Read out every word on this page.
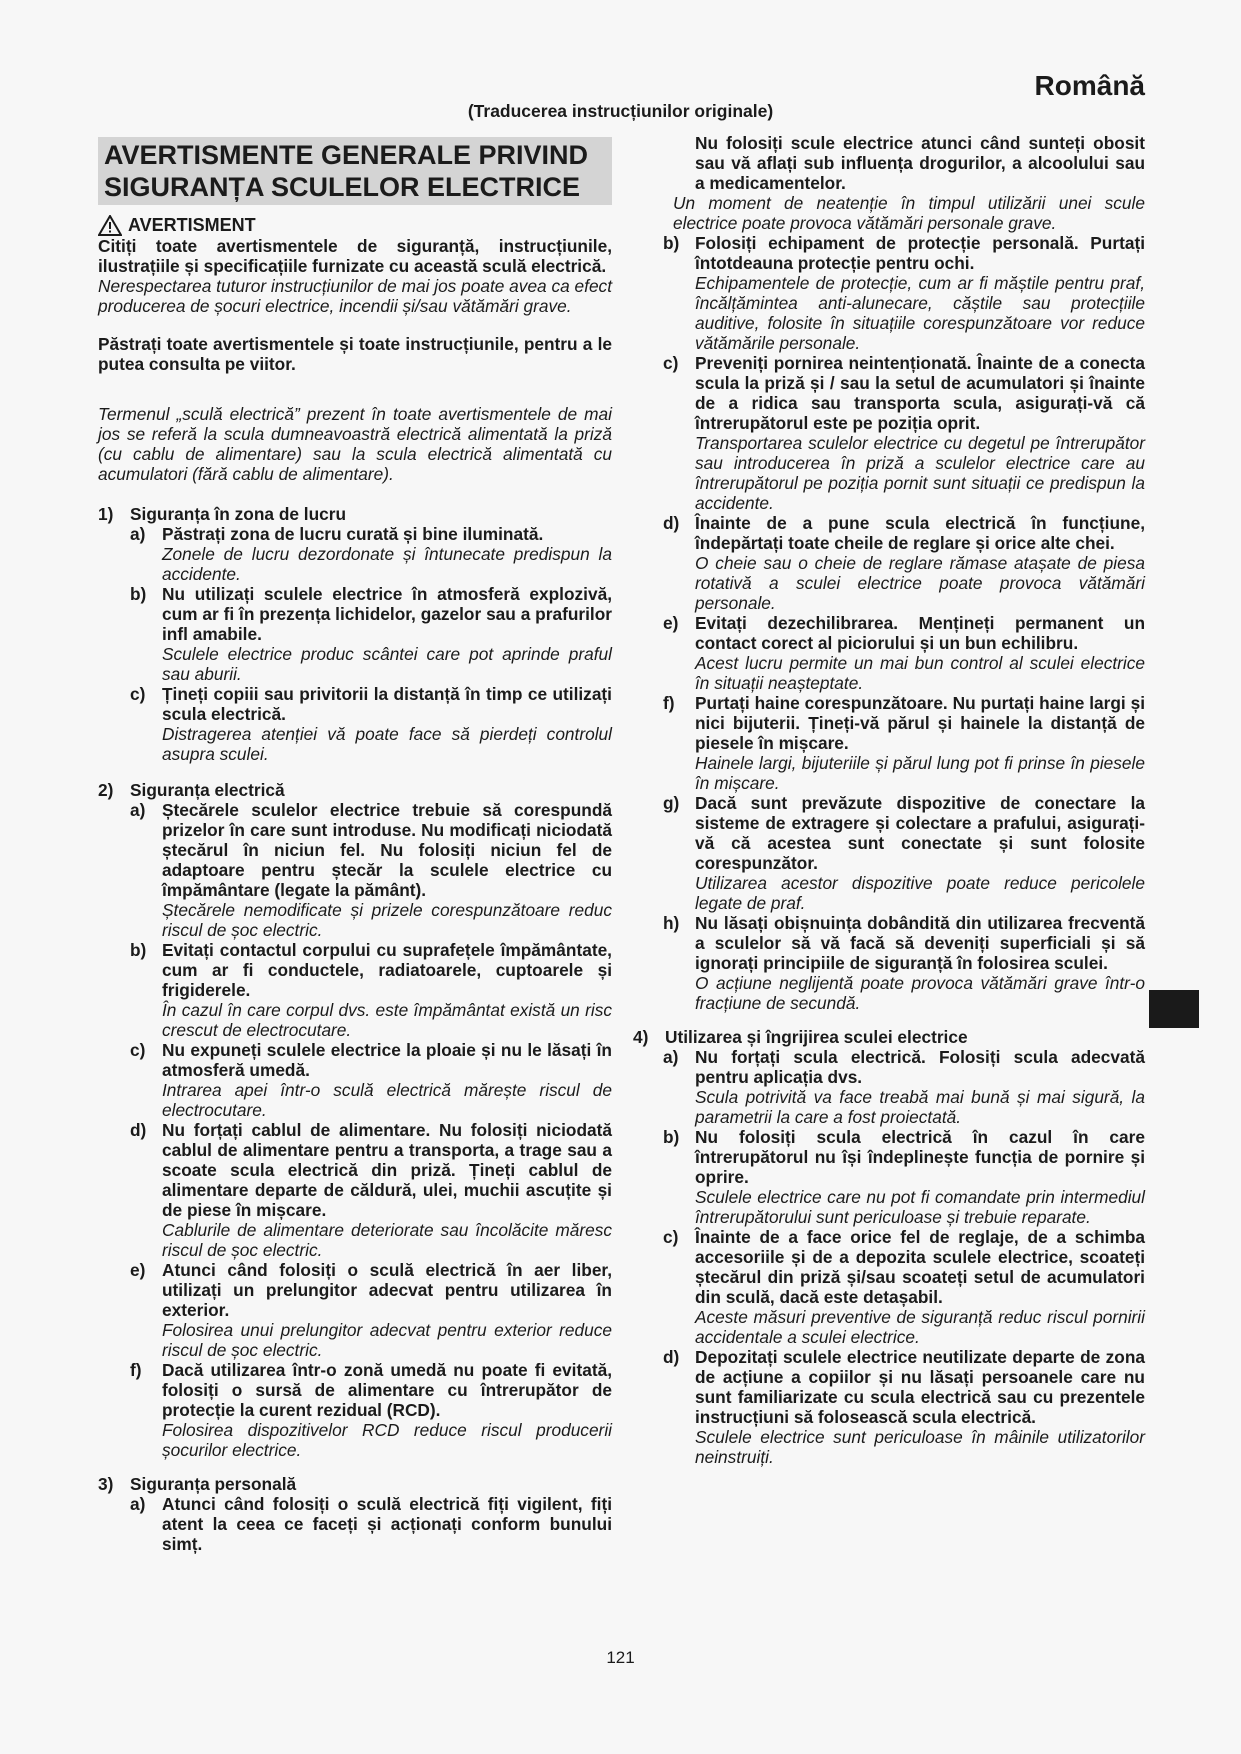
Română

(Traducerea instrucțiunilor originale)

AVERTISMENTE GENERALE PRIVIND
SIGURANȚA SCULELOR ELECTRICE
AVERTISMENT

Citiți toate avertismentele de siguranță, instrucțiunile, ilustrațiile și specificațiile furnizate cu această sculă electrică.

Nerespectarea tuturor instrucțiunilor de mai jos poate avea ca efect producerea de șocuri electrice, incendii și/sau vătămări grave.

Păstrați toate avertismentele și toate instrucțiunile, pentru a le putea consulta pe viitor.

Termenul „sculă electrică” prezent în toate avertismentele de mai jos se referă la scula dumneavoastră electrică alimentată la priză (cu cablu de alimentare) sau la scula electrică alimentată cu acumulatori (fără cablu de alimentare).

1) Siguranța în zona de lucru
a) Păstrați zona de lucru curată și bine iluminată.

Zonele de lucru dezordonate și întunecate predispun la accidente.

b) Nu utilizați sculele electrice în atmosferă explozivă, cum ar fi în prezența lichidelor, gazelor sau a prafurilor infl amabile.

Sculele electrice produc scântei care pot aprinde praful sau aburii.

c) Țineți copiii sau privitorii la distanță în timp ce utilizați scula electrică.

Distragerea atenției vă poate face să pierdeți controlul asupra sculei.

2) Siguranța electrică
a) Ștecărele sculelor electrice trebuie să corespundă prizelor în care sunt introduse. Nu modificați niciodată ștecărul în niciun fel. Nu folosiți niciun fel de adaptoare pentru ștecăr la sculele electrice cu împământare (legate la pământ).

Ștecărele nemodificate și prizele corespunzătoare reduc riscul de șoc electric.

b) Evitați contactul corpului cu suprafețele împământate, cum ar fi conductele, radiatoarele, cuptoarele și frigiderele.

În cazul în care corpul dvs. este împământat există un risc crescut de electrocutare.

c) Nu expuneți sculele electrice la ploaie și nu le lăsați în atmosferă umedă.

Intrarea apei într-o sculă electrică mărește riscul de electrocutare.

d) Nu forțați cablul de alimentare. Nu folosiți niciodată cablul de alimentare pentru a transporta, a trage sau a scoate scula electrică din priză. Țineți cablul de alimentare departe de căldură, ulei, muchii ascuțite și de piese în mișcare.

Cablurile de alimentare deteriorate sau încolăcite măresc riscul de șoc electric.

e) Atunci când folosiți o sculă electrică în aer liber, utilizați un prelungitor adecvat pentru utilizarea în exterior.

Folosirea unui prelungitor adecvat pentru exterior reduce riscul de șoc electric.

f)	Dacă utilizarea într-o zonă umedă nu poate fi evitată, folosiți o sursă de alimentare cu întrerupător de protecție la curent rezidual (RCD).

Folosirea dispozitivelor RCD reduce riscul producerii șocurilor electrice.

3) Siguranța personală
a) Atunci când folosiți o sculă electrică fiți vigilent, fiți atent la ceea ce faceți și acționați conform bunului simț.

Nu folosiți scule electrice atunci când sunteți obosit sau vă aflați sub influența drogurilor, a alcoolului sau a medicamentelor.

Un moment de neatenție în timpul utilizării unei scule electrice poate provoca vătămări personale grave.

b) Folosiți echipament de protecție personală. Purtați întotdeauna protecție pentru ochi.

Echipamentele de protecție, cum ar fi măștile pentru praf, încălțămintea anti-alunecare, căștile sau protecțiile auditive, folosite în situațiile corespunzătoare vor reduce vătămările personale.

c) Preveniți pornirea neintenționată. Înainte de a conecta scula la priză și / sau la setul de acumulatori și înainte de a ridica sau transporta scula, asigurați-vă că întrerupătorul este pe poziția oprit.

Transportarea sculelor electrice cu degetul pe întrerupător sau introducerea în priză a sculelor electrice care au întrerupătorul pe poziția pornit sunt situații ce predispun la accidente.

d) Înainte de a pune scula electrică în funcțiune, îndepărtați toate cheile de reglare și orice alte chei.

O cheie sau o cheie de reglare rămase atașate de piesa rotativă a sculei electrice poate provoca vătămări personale.

e) Evitați dezechilibrarea. Mențineți permanent un contact corect al piciorului și un bun echilibru.

Acest lucru permite un mai bun control al sculei electrice în situații neașteptate.

f)	Purtați haine corespunzătoare. Nu purtați haine largi și nici bijuterii. Țineți-vă părul și hainele la distanță de piesele în mișcare.

Hainele largi, bijuteriile și părul lung pot fi prinse în piesele în mișcare.

g) Dacă sunt prevăzute dispozitive de conectare la sisteme de extragere și colectare a prafului, asigurați-vă că acestea sunt conectate și sunt folosite corespunzător.

Utilizarea acestor dispozitive poate reduce pericolele legate de praf.

h) Nu lăsați obișnuința dobândită din utilizarea frecventă a sculelor să vă facă să deveniți superficiali și să ignorați principiile de siguranță în folosirea sculei.

O acțiune neglijentă poate provoca vătămări grave într-o fracțiune de secundă.

4) Utilizarea și îngrijirea sculei electrice
a) Nu forțați scula electrică. Folosiți scula adecvată pentru aplicația dvs.

Scula potrivită va face treabă mai bună și mai sigură, la parametrii la care a fost proiectată.

b) Nu folosiți scula electrică în cazul în care întrerupătorul nu își îndeplinește funcția de pornire și oprire.

Sculele electrice care nu pot fi comandate prin intermediul întrerupătorului sunt periculoase și trebuie reparate.

c) Înainte de a face orice fel de reglaje, de a schimba accesoriile și de a depozita sculele electrice, scoateți ștecărul din priză și/sau scoateți setul de acumulatori din sculă, dacă este detașabil.

Aceste măsuri preventive de siguranță reduc riscul pornirii accidentale a sculei electrice.

d) Depozitați sculele electrice neutilizate departe de zona de acțiune a copiilor și nu lăsați persoanele care nu sunt familiarizate cu scula electrică sau cu prezentele instrucțiuni să folosească scula electrică.

Sculele electrice sunt periculoase în mâinile utilizatorilor neinstruiți.

121
